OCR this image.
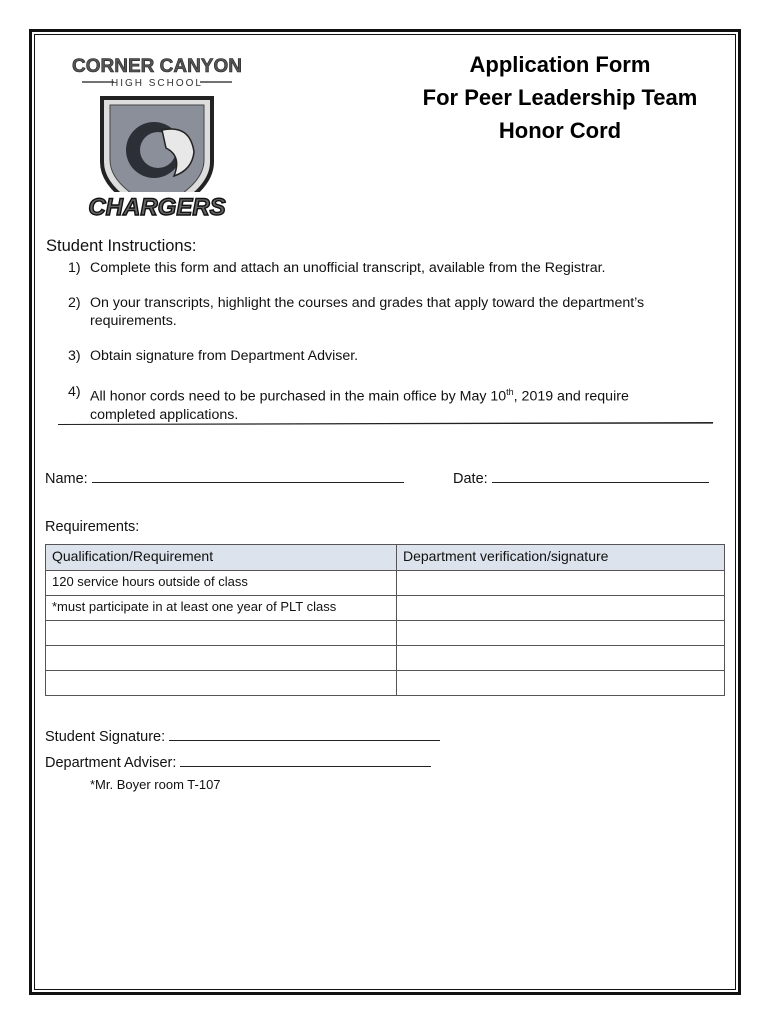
CORNER CANYON
HIGH SCHOOL
CHARGERS
Application Form
For Peer Leadership Team
Honor Cord
Student Instructions:
1) Complete this form and attach an unofficial transcript, available from the Registrar.
2) On your transcripts, highlight the courses and grades that apply toward the department’s requirements.
3) Obtain signature from Department Adviser.
4) All honor cords need to be purchased in the main office by May 10th, 2019 and require completed applications.
Name:	Date:
Requirements:
Qualification/Requirement	Department verification/signature
120 service hours outside of class	
*must participate in at least one year of PLT class	

Student Signature:
Department Adviser:
*Mr. Boyer room T-107
